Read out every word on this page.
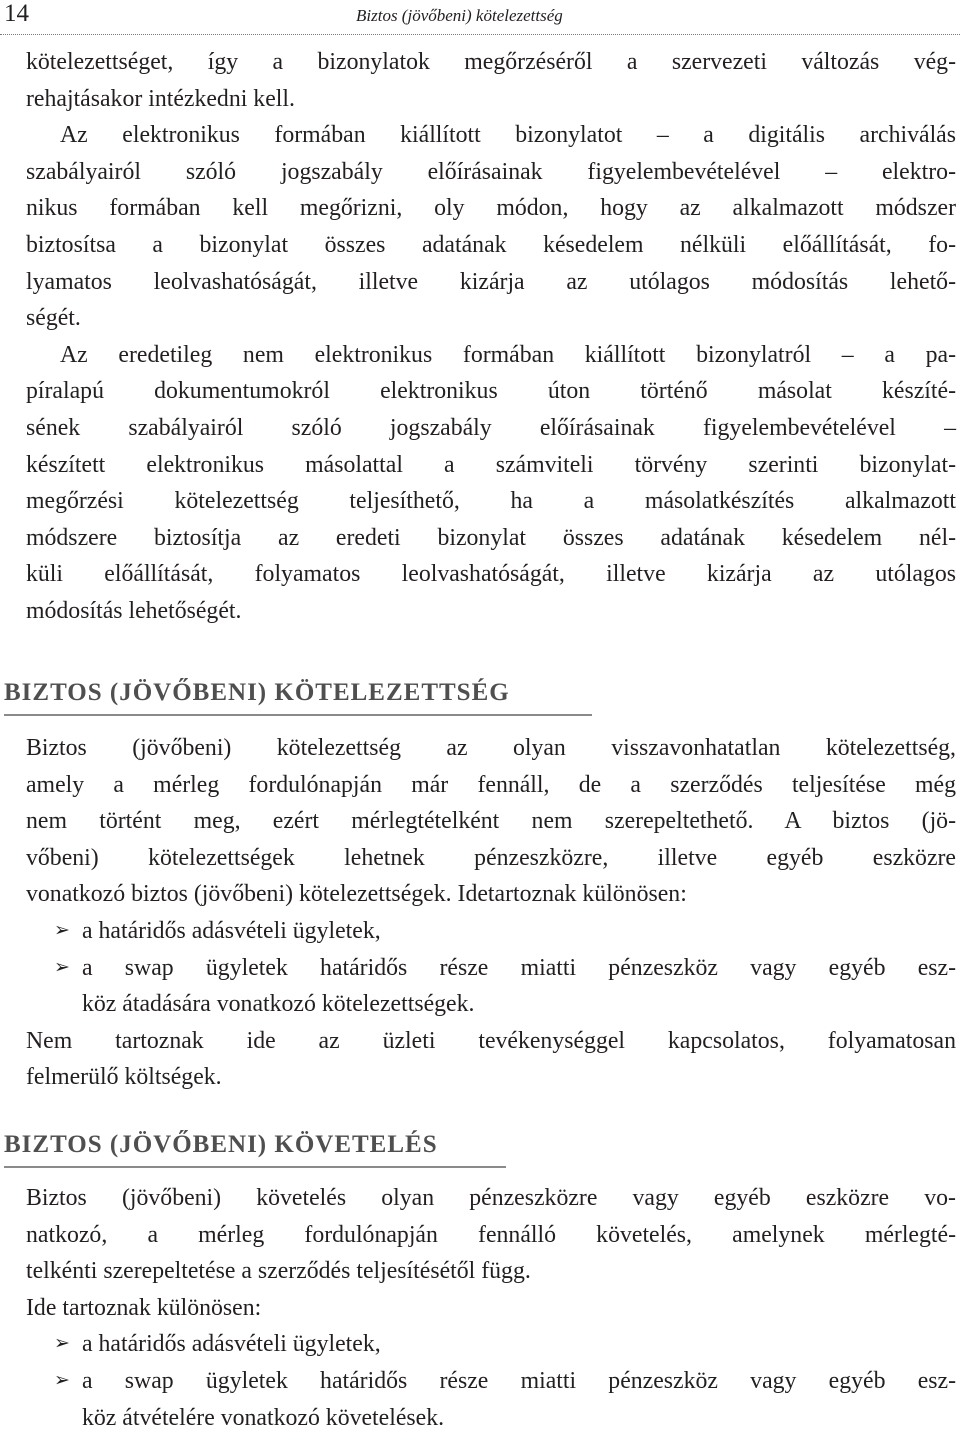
14	Biztos (jövőbeni) kötelezettség
kötelezettséget, így a bizonylatok megőrzéséről a szervezeti változás vég-
rehajtásakor intézkedni kell.
Az elektronikus formában kiállított bizonylatot – a digitális archiválás
szabályairól szóló jogszabály előírásainak figyelembevételével – elektro-
nikus formában kell megőrizni, oly módon, hogy az alkalmazott módszer
biztosítsa a bizonylat összes adatának késedelem nélküli előállítását, fo-
lyamatos leolvashatóságát, illetve kizárja az utólagos módosítás lehető-
ségét.
Az eredetileg nem elektronikus formában kiállított bizonylatról – a pa-
píralapú dokumentumokról elektronikus úton történő másolat készíté-
sének szabályairól szóló jogszabály előírásainak figyelembevételével –
készített elektronikus másolattal a számviteli törvény szerinti bizonylat-
megőrzési kötelezettség teljesíthető, ha a másolatkészítés alkalmazott
módszere biztosítja az eredeti bizonylat összes adatának késedelem nél-
küli előállítását, folyamatos leolvashatóságát, illetve kizárja az utólagos
módosítás lehetőségét.
BIZTOS (JÖVŐBENI) KÖTELEZETTSÉG
Biztos (jövőbeni) kötelezettség az olyan visszavonhatatlan kötelezettség,
amely a mérleg fordulónapján már fennáll, de a szerződés teljesítése még
nem történt meg, ezért mérlegtételként nem szerepeltethető. A biztos (jö-
vőbeni) kötelezettségek lehetnek pénzeszközre, illetve egyéb eszközre
vonatkozó biztos (jövőbeni) kötelezettségek. Idetartoznak különösen:
➢ a határidős adásvételi ügyletek,
➢ a swap ügyletek határidős része miatti pénzeszköz vagy egyéb esz-
köz átadására vonatkozó kötelezettségek.
Nem tartoznak ide az üzleti tevékenységgel kapcsolatos, folyamatosan
felmerülő költségek.
BIZTOS (JÖVŐBENI) KÖVETELÉS
Biztos (jövőbeni) követelés olyan pénzeszközre vagy egyéb eszközre vo-
natkozó, a mérleg fordulónapján fennálló követelés, amelynek mérlegté-
telkénti szerepeltetése a szerződés teljesítésétől függ.
Ide tartoznak különösen:
➢ a határidős adásvételi ügyletek,
➢ a swap ügyletek határidős része miatti pénzeszköz vagy egyéb esz-
köz átvételére vonatkozó követelések.
